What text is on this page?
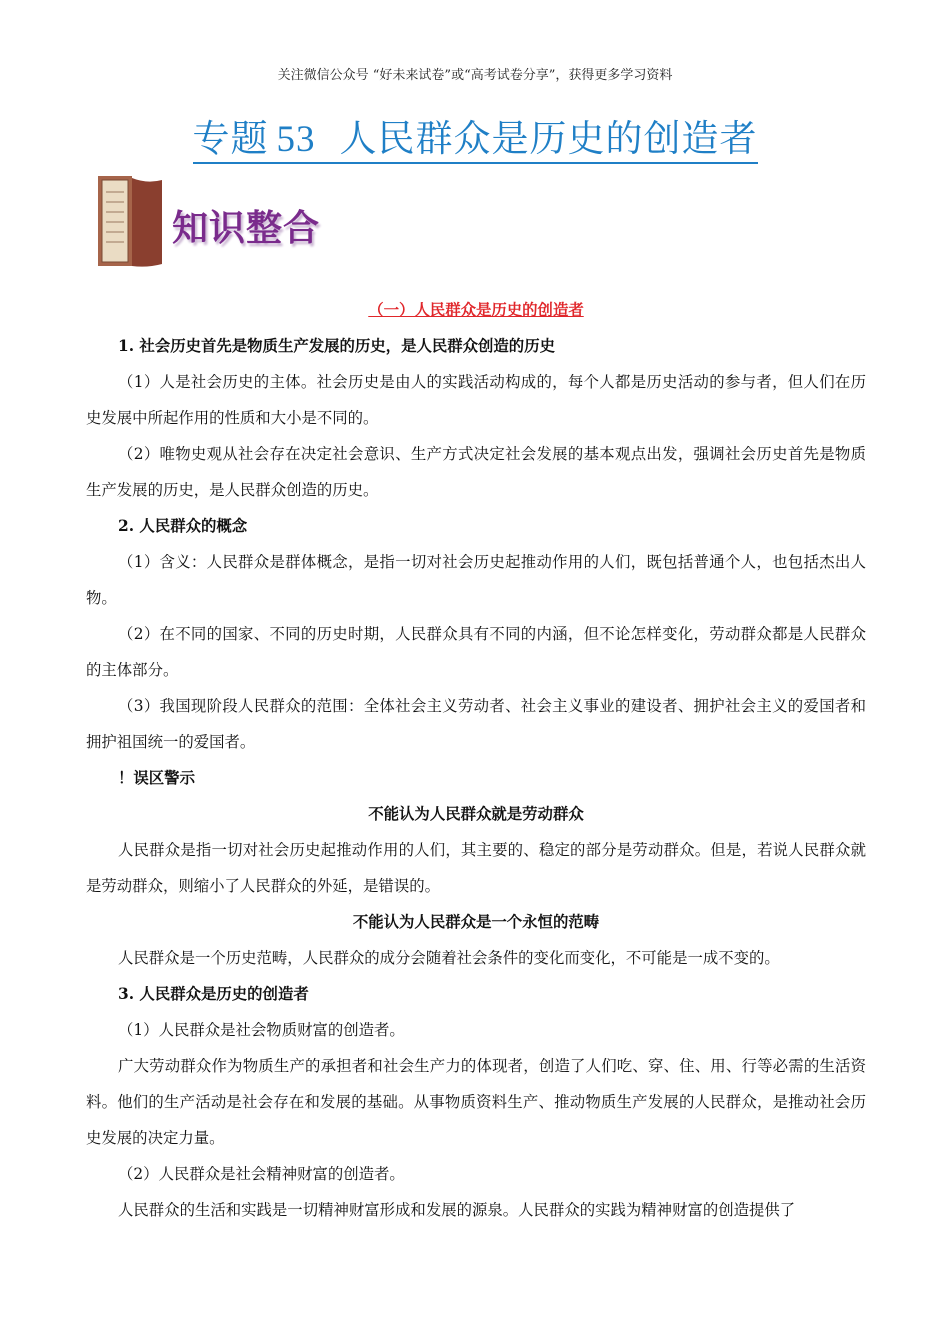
关注微信公众号 “好未来试卷”或“高考试卷分享”，获得更多学习资料
专题 53 人民群众是历史的创造者
知识整合
（一）人民群众是历史的创造者
1. 社会历史首先是物质生产发展的历史，是人民群众创造的历史

（1）人是社会历史的主体。社会历史是由人的实践活动构成的，每个人都是历史活动的参与者，但人们在历史发展中所起作用的性质和大小是不同的。

（2）唯物史观从社会存在决定社会意识、生产方式决定社会发展的基本观点出发，强调社会历史首先是物质生产发展的历史，是人民群众创造的历史。

2. 人民群众的概念

（1）含义：人民群众是群体概念，是指一切对社会历史起推动作用的人们，既包括普通个人，也包括杰出人物。

（2）在不同的国家、不同的历史时期，人民群众具有不同的内涵，但不论怎样变化，劳动群众都是人民群众的主体部分。

（3）我国现阶段人民群众的范围：全体社会主义劳动者、社会主义事业的建设者、拥护社会主义的爱国者和拥护祖国统一的爱国者。

！误区警示
不能认为人民群众就是劳动群众

人民群众是指一切对社会历史起推动作用的人们，其主要的、稳定的部分是劳动群众。但是，若说人民群众就是劳动群众，则缩小了人民群众的外延，是错误的。

不能认为人民群众是一个永恒的范畴

人民群众是一个历史范畴，人民群众的成分会随着社会条件的变化而变化，不可能是一成不变的。

3. 人民群众是历史的创造者

（1）人民群众是社会物质财富的创造者。

广大劳动群众作为物质生产的承担者和社会生产力的体现者，创造了人们吃、穿、住、用、行等必需的生活资料。他们的生产活动是社会存在和发展的基础。从事物质资料生产、推动物质生产发展的人民群众，是推动社会历史发展的决定力量。

（2）人民群众是社会精神财富的创造者。

人民群众的生活和实践是一切精神财富形成和发展的源泉。人民群众的实践为精神财富的创造提供了
